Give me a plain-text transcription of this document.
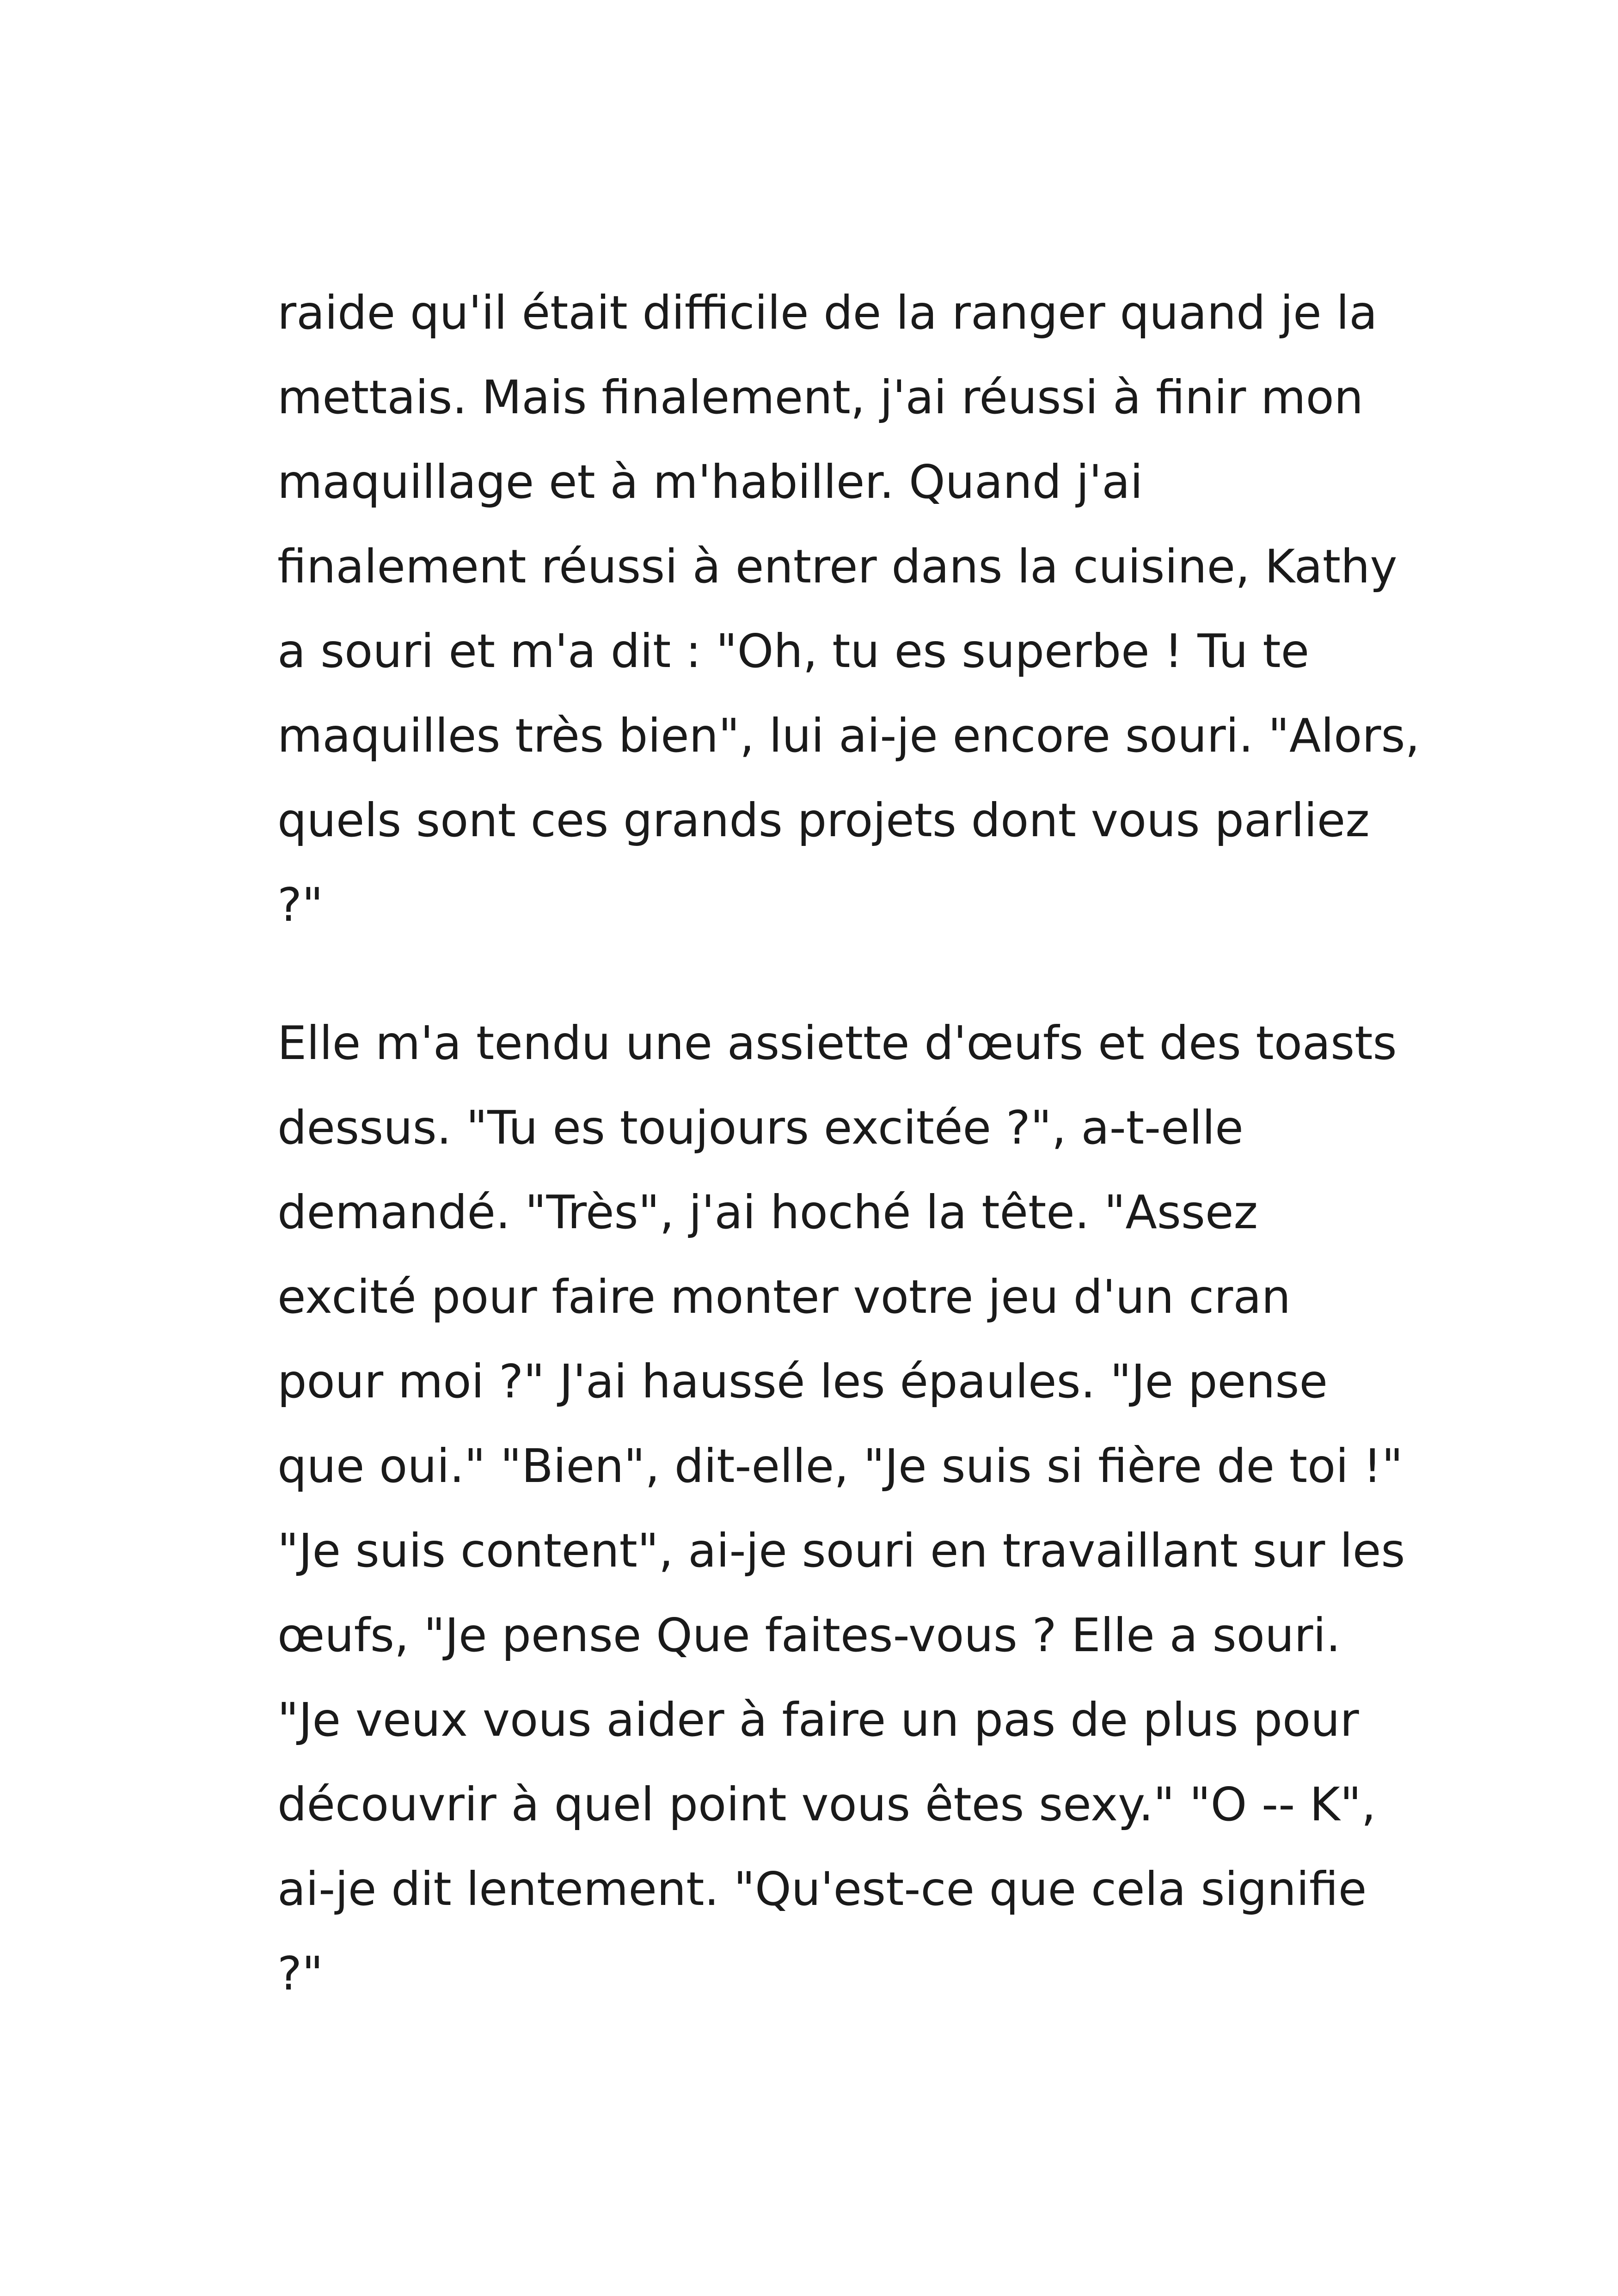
raide qu'il était difficile de la ranger quand je la
mettais. Mais finalement, j'ai réussi à finir mon
maquillage et à m'habiller. Quand j'ai
finalement réussi à entrer dans la cuisine, Kathy
a souri et m'a dit : "Oh, tu es superbe ! Tu te
maquilles très bien", lui ai-je encore souri. "Alors,
quels sont ces grands projets dont vous parliez
?"
Elle m'a tendu une assiette d'œufs et des toasts
dessus. "Tu es toujours excitée ?", a-t-elle
demandé. "Très", j'ai hoché la tête. "Assez
excité pour faire monter votre jeu d'un cran
pour moi ?" J'ai haussé les épaules. "Je pense
que oui." "Bien", dit-elle, "Je suis si fière de toi !"
"Je suis content", ai-je souri en travaillant sur les
œufs, "Je pense Que faites-vous ? Elle a souri.
"Je veux vous aider à faire un pas de plus pour
découvrir à quel point vous êtes sexy." "O -- K",
ai-je dit lentement. "Qu'est-ce que cela signifie
?"
